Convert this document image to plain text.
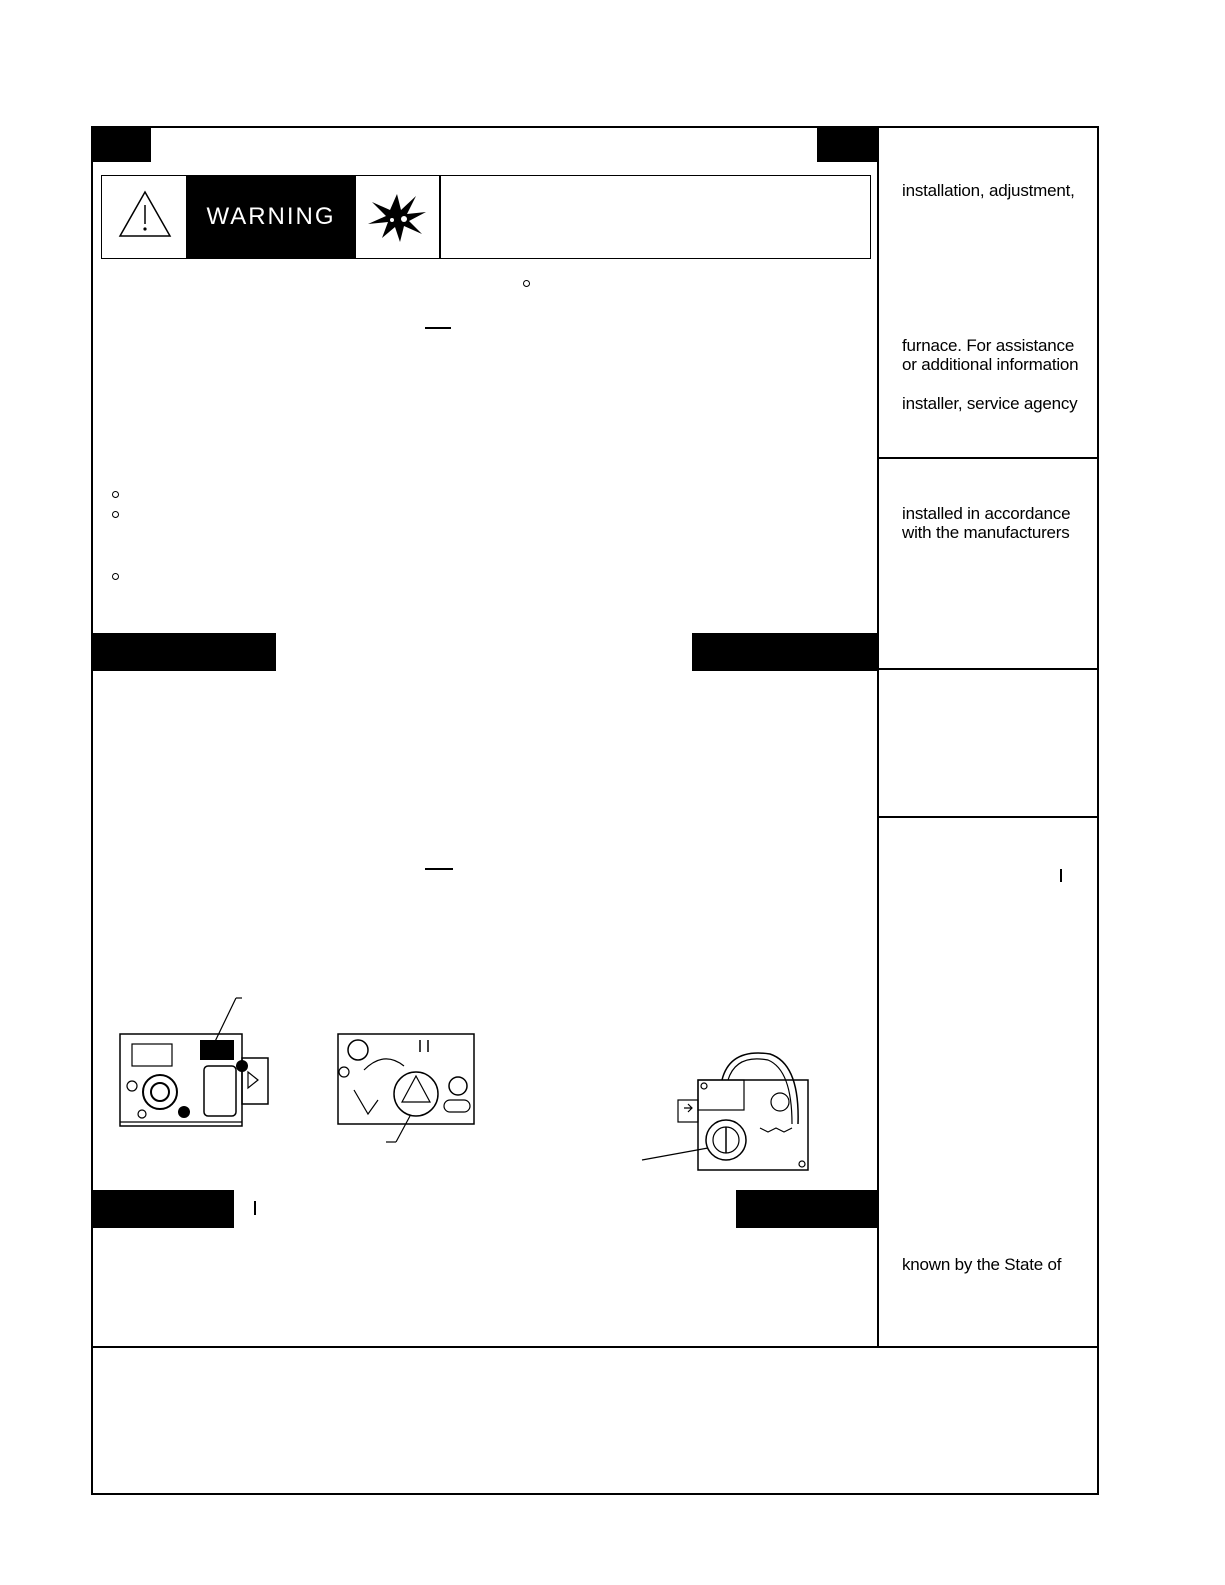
WARNING
installation, adjustment,
furnace. For assistance
or additional information
installer, service agency
installed in accordance
with the manufacturers
known by the State of
